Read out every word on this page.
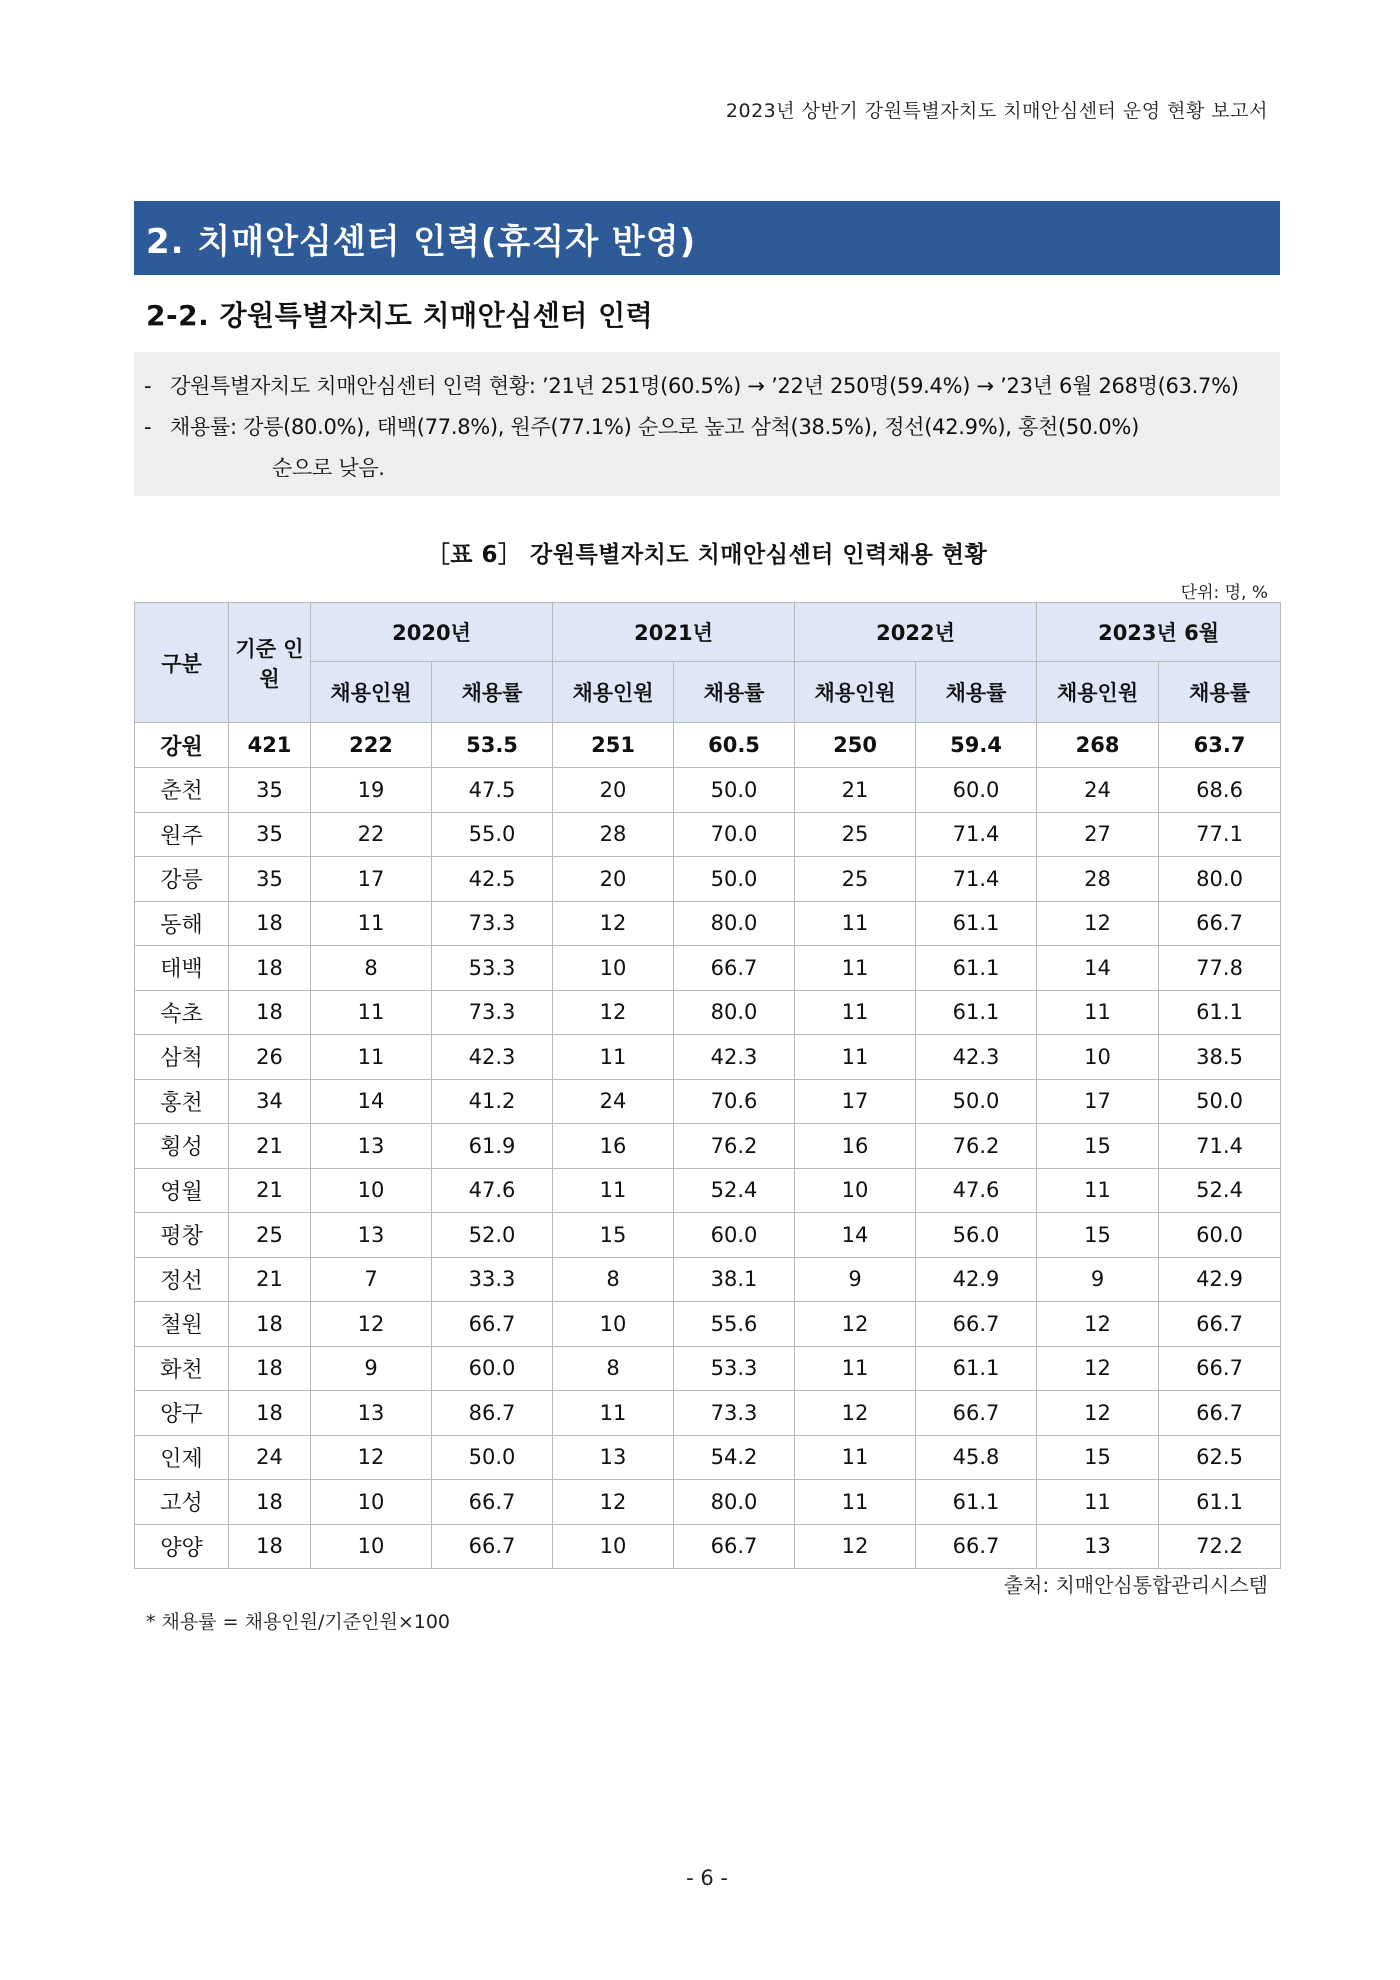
2023년 상반기 강원특별자치도 치매안심센터 운영 현황 보고서
2. 치매안심센터 인력(휴직자 반영)
2-2. 강원특별자치도 치매안심센터 인력
- 강원특별자치도 치매안심센터 인력 현황: ’21년 251명(60.5%) → ’22년 250명(59.4%) → ’23년 6월 268명(63.7%)
- 채용률: 강릉(80.0%), 태백(77.8%), 원주(77.1%) 순으로 높고 삼척(38.5%), 정선(42.9%), 홍천(50.0%)
순으로 낮음.
［표 6］ 강원특별자치도 치매안심센터 인력채용 현황
단위: 명, %
구분	기준 인원	2020년		2021년		2022년		2023년 6월	
		채용인원	채용률	채용인원	채용률	채용인원	채용률	채용인원	채용률
강원	421	222	53.5	251	60.5	250	59.4	268	63.7
춘천	35	19	47.5	20	50.0	21	60.0	24	68.6
원주	35	22	55.0	28	70.0	25	71.4	27	77.1
강릉	35	17	42.5	20	50.0	25	71.4	28	80.0
동해	18	11	73.3	12	80.0	11	61.1	12	66.7
태백	18	8	53.3	10	66.7	11	61.1	14	77.8
속초	18	11	73.3	12	80.0	11	61.1	11	61.1
삼척	26	11	42.3	11	42.3	11	42.3	10	38.5
홍천	34	14	41.2	24	70.6	17	50.0	17	50.0
횡성	21	13	61.9	16	76.2	16	76.2	15	71.4
영월	21	10	47.6	11	52.4	10	47.6	11	52.4
평창	25	13	52.0	15	60.0	14	56.0	15	60.0
정선	21	7	33.3	8	38.1	9	42.9	9	42.9
철원	18	12	66.7	10	55.6	12	66.7	12	66.7
화천	18	9	60.0	8	53.3	11	61.1	12	66.7
양구	18	13	86.7	11	73.3	12	66.7	12	66.7
인제	24	12	50.0	13	54.2	11	45.8	15	62.5
고성	18	10	66.7	12	80.0	11	61.1	11	61.1
양양	18	10	66.7	10	66.7	12	66.7	13	72.2
출처: 치매안심통합관리시스템
* 채용률 = 채용인원/기준인원×100
- 6 -
